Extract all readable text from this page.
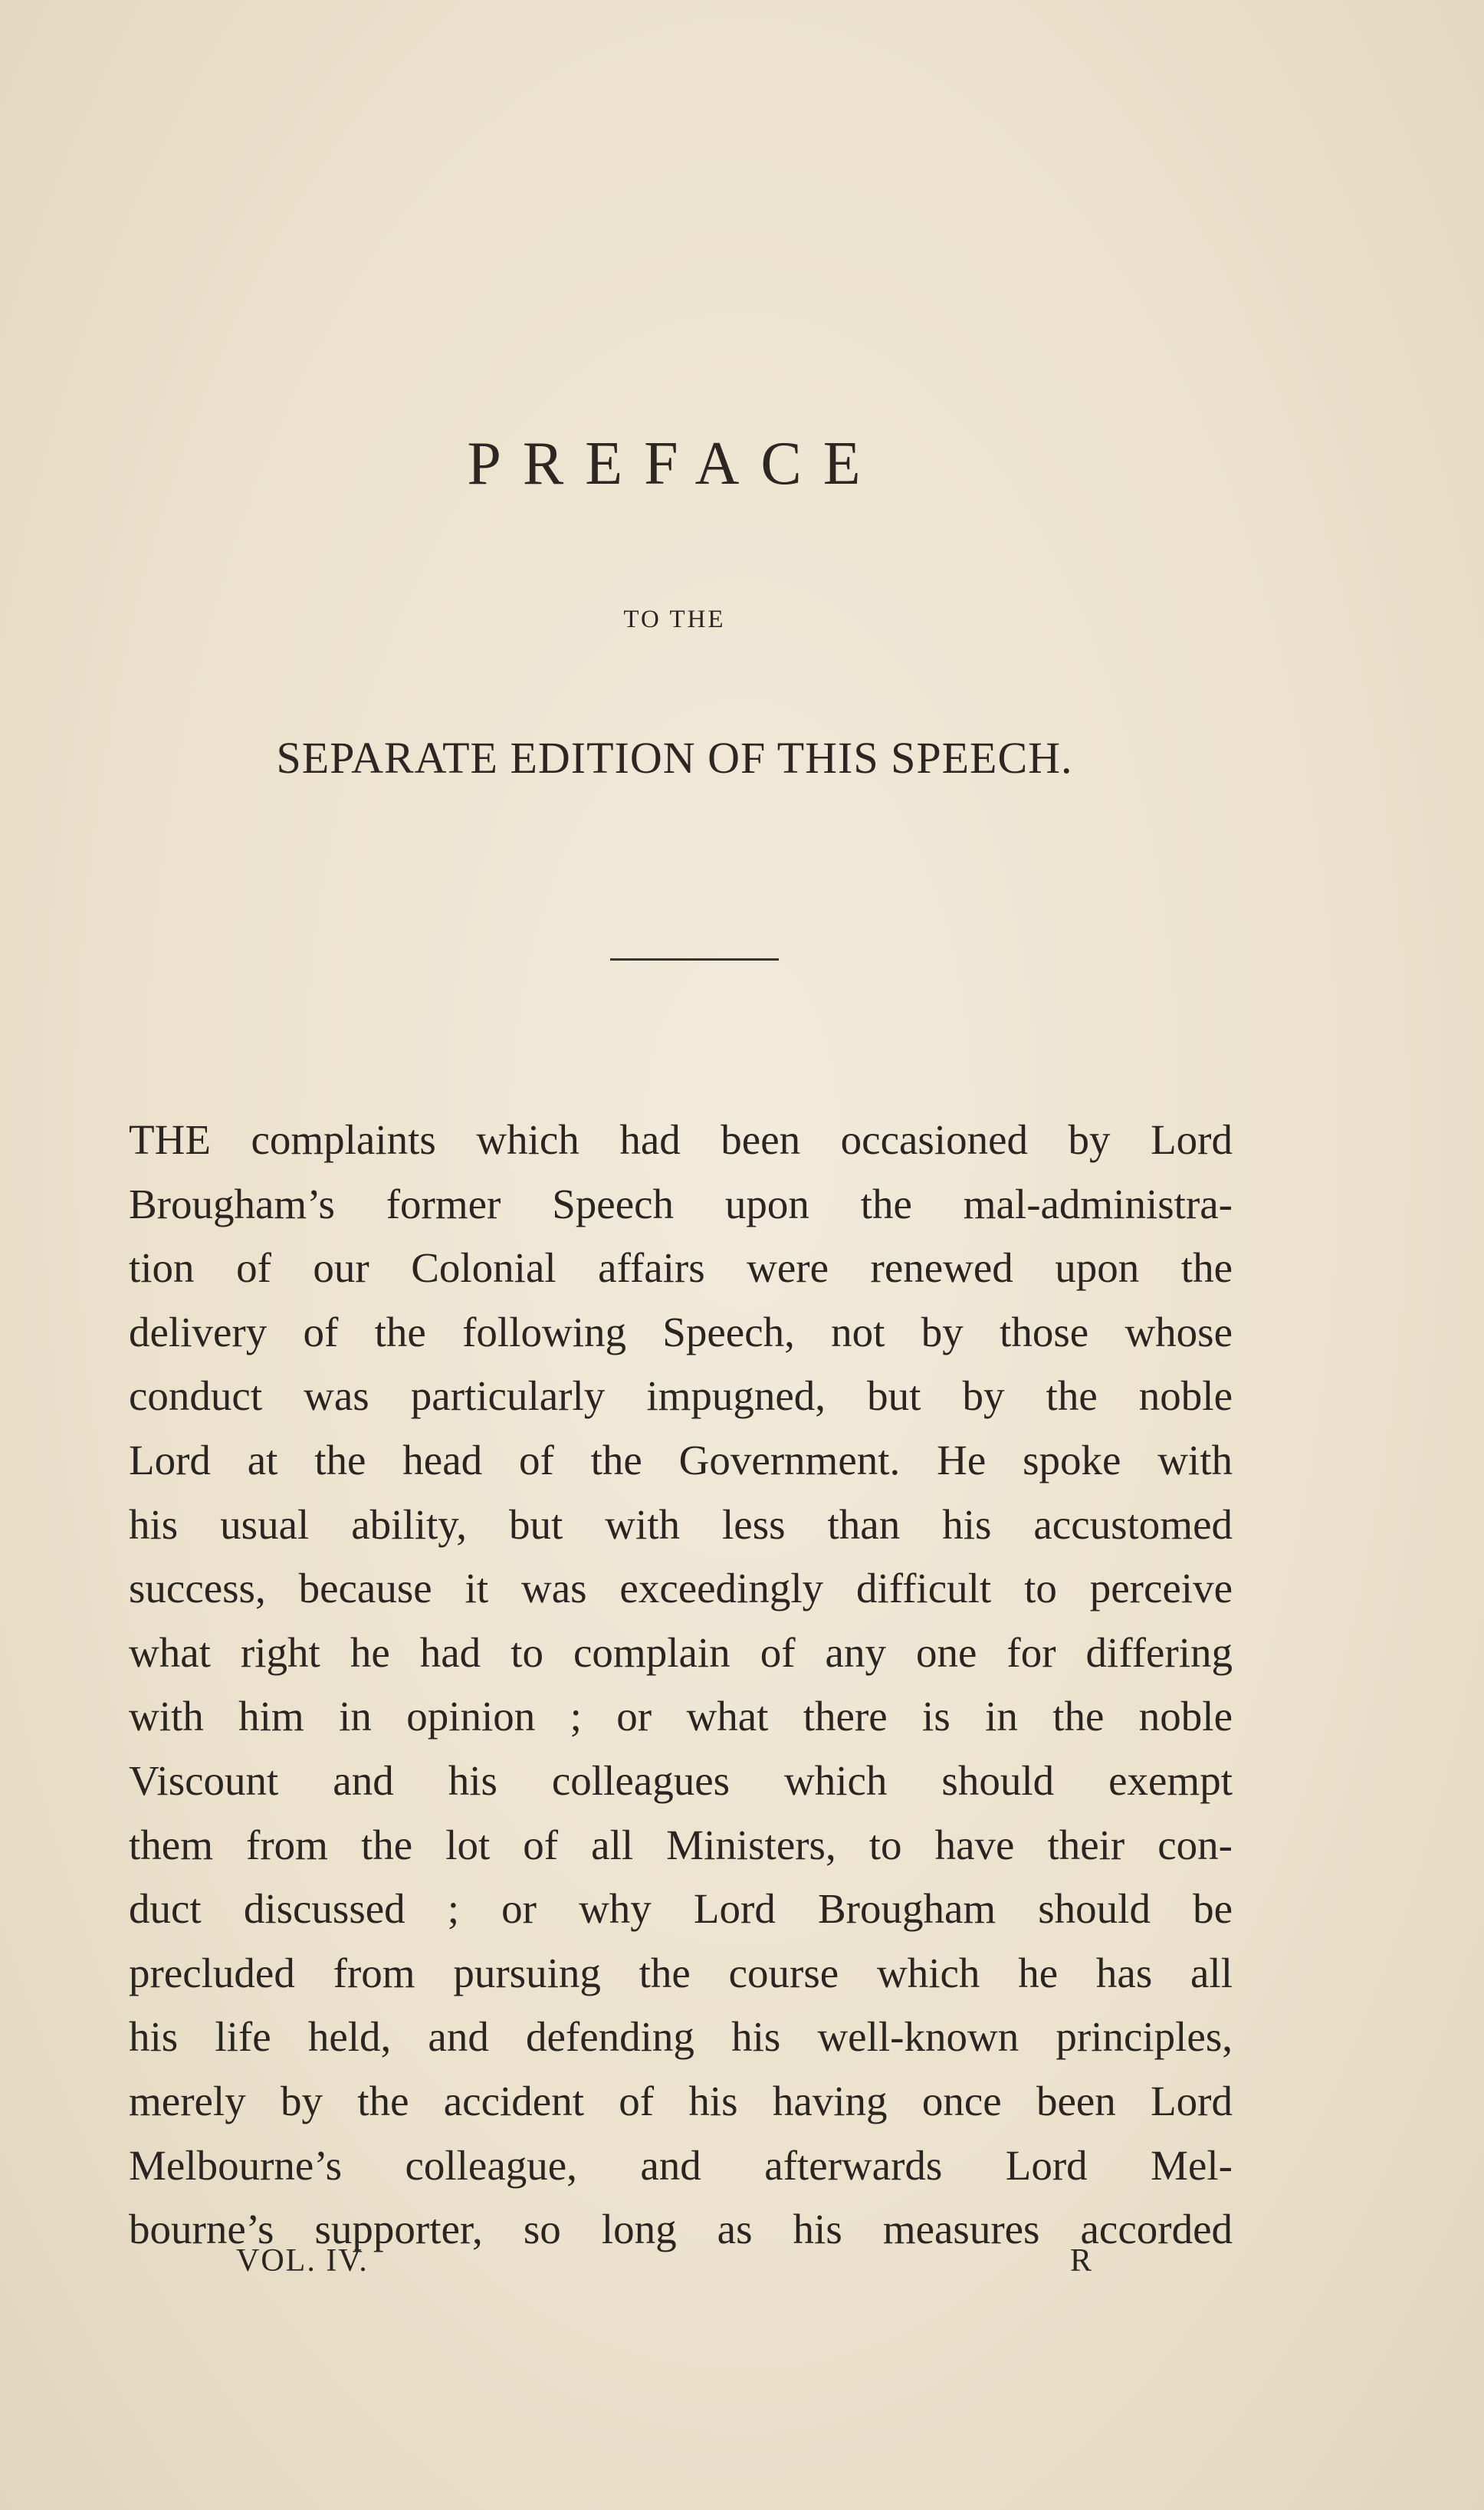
PREFACE
TO THE
SEPARATE EDITION OF THIS SPEECH.
THE complaints which had been occasioned by Lord
Brougham’s former Speech upon the mal-administra-
tion of our Colonial affairs were renewed upon the
delivery of the following Speech, not by those whose
conduct was particularly impugned, but by the noble
Lord at the head of the Government. He spoke with
his usual ability, but with less than his accustomed
success, because it was exceedingly difficult to perceive
what right he had to complain of any one for differing
with him in opinion ; or what there is in the noble
Viscount and his colleagues which should exempt
them from the lot of all Ministers, to have their con-
duct discussed ; or why Lord Brougham should be
precluded from pursuing the course which he has all
his life held, and defending his well-known principles,
merely by the accident of his having once been Lord
Melbourne’s colleague, and afterwards Lord Mel-
bourne’s supporter, so long as his measures accorded
VOL. IV.	R
